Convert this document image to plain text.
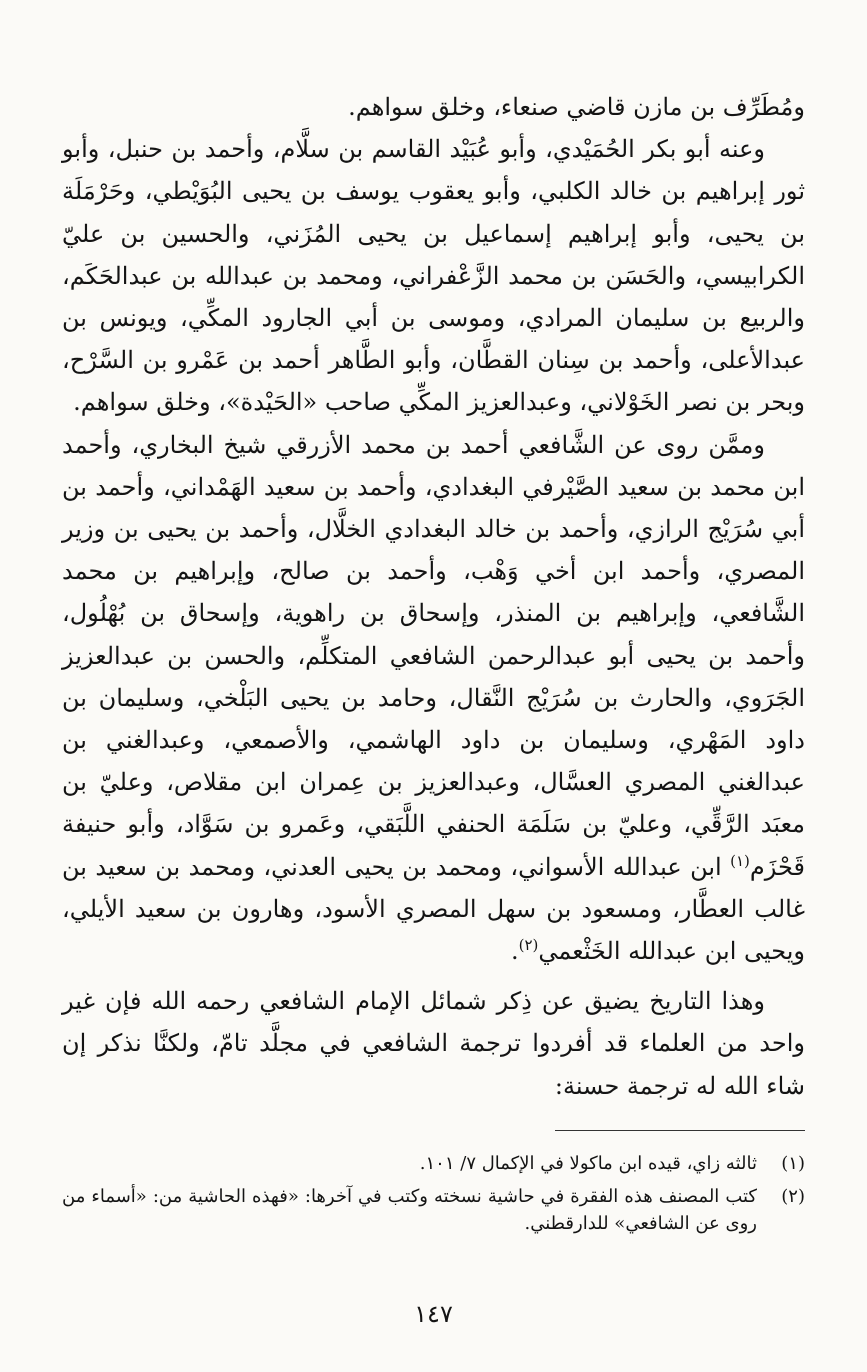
ومُطَرِّف بن مازن قاضي صنعاء، وخلق سواهم.

وعنه أبو بكر الحُمَيْدي، وأبو عُبَيْد القاسم بن سلَّام، وأحمد بن حنبل، وأبو ثور إبراهيم بن خالد الكلبي، وأبو يعقوب يوسف بن يحيى البُوَيْطي، وحَرْمَلَة بن يحيى، وأبو إبراهيم إسماعيل بن يحيى المُزَني، والحسين بن عليّ الكرابيسي، والحَسَن بن محمد الزَّعْفراني، ومحمد بن عبدالله بن عبدالحَكَم، والربيع بن سليمان المرادي، وموسى بن أبي الجارود المكِّي، ويونس بن عبدالأعلى، وأحمد بن سِنان القطَّان، وأبو الطَّاهر أحمد بن عَمْرو بن السَّرْح، وبحر بن نصر الخَوْلاني، وعبدالعزيز المكِّي صاحب «الحَيْدة»، وخلق سواهم.

وممَّن روى عن الشَّافعي أحمد بن محمد الأزرقي شيخ البخاري، وأحمد ابن محمد بن سعيد الصَّيْرفي البغدادي، وأحمد بن سعيد الهَمْداني، وأحمد بن أبي سُرَيْج الرازي، وأحمد بن خالد البغدادي الخلَّال، وأحمد بن يحيى بن وزير المصري، وأحمد ابن أخي وَهْب، وأحمد بن صالح، وإبراهيم بن محمد الشَّافعي، وإبراهيم بن المنذر، وإسحاق بن راهوية، وإسحاق بن بُهْلُول، وأحمد بن يحيى أبو عبدالرحمن الشافعي المتكلِّم، والحسن بن عبدالعزيز الجَرَوي، والحارث بن سُرَيْج النَّقال، وحامد بن يحيى البَلْخي، وسليمان بن داود المَهْري، وسليمان بن داود الهاشمي، والأصمعي، وعبدالغني بن عبدالغني المصري العسَّال، وعبدالعزيز بن عِمران ابن مقلاص، وعليّ بن معبَد الرَّقِّي، وعليّ بن سَلَمَة الحنفي اللَّبَقي، وعَمرو بن سَوَّاد، وأبو حنيفة قَحْزَم$^{(١)}$ ابن عبدالله الأسواني، ومحمد بن يحيى العدني، ومحمد بن سعيد بن غالب العطَّار، ومسعود بن سهل المصري الأسود، وهارون بن سعيد الأيلي، ويحيى ابن عبدالله الخَثْعمي$^{(٢)}$.

وهذا التاريخ يضيق عن ذِكر شمائل الإمام الشافعي رحمه الله فإن غير واحد من العلماء قد أفردوا ترجمة الشافعي في مجلَّد تامّ، ولكنَّا نذكر إن شاء الله له ترجمة حسنة:

(١)
ثالثه زاي، قيده ابن ماكولا في الإكمال ٧/ ١٠١.
(٢)
كتب المصنف هذه الفقرة في حاشية نسخته وكتب في آخرها: «فهذه الحاشية من: «أسماء من روى عن الشافعي» للدارقطني.
١٤٧
